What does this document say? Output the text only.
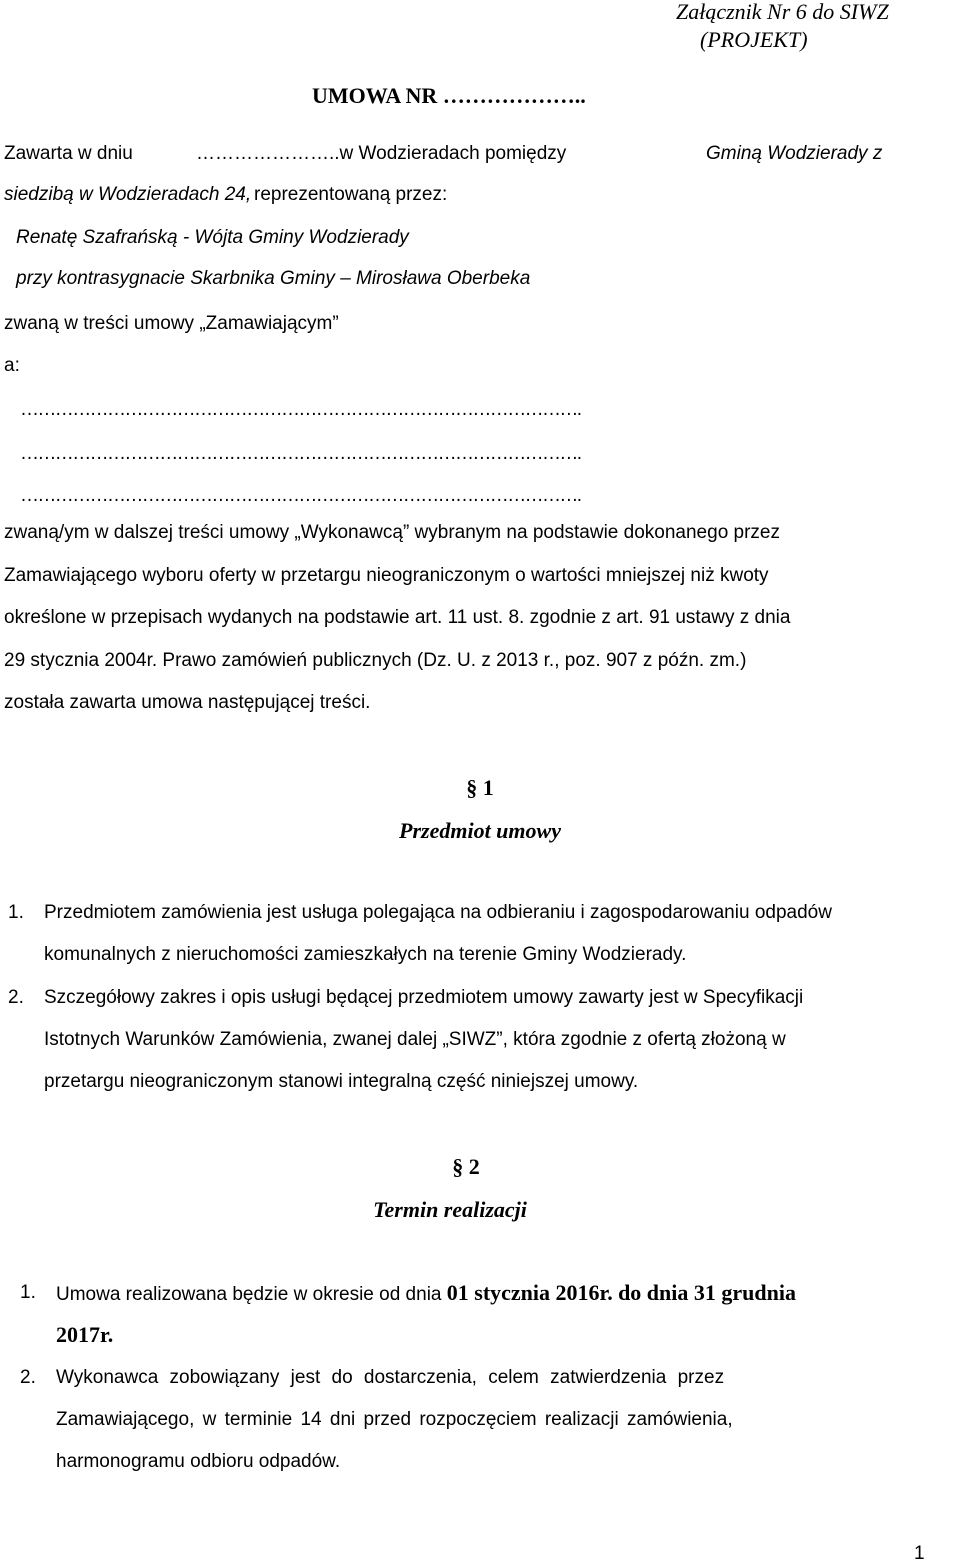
Załącznik Nr 6 do SIWZ
(PROJEKT)
UMOWA NR ………………..
Zawarta w dniu	…………………..w Wodzieradach pomiędzy	Gminą Wodzierady z
siedzibą w Wodzieradach 24, reprezentowaną przez:
Renatę Szafrańską - Wójta Gminy Wodzierady
przy kontrasygnacie Skarbnika Gminy – Mirosława Oberbeka
zwaną w treści umowy „Zamawiającym”
a:
…………………………………………………………………………………….
…………………………………………………………………………………….
…………………………………………………………………………………….
zwaną/ym w dalszej treści umowy „Wykonawcą” wybranym na podstawie dokonanego przez
Zamawiającego wyboru oferty w przetargu nieograniczonym o wartości mniejszej niż kwoty
określone w przepisach wydanych na podstawie art. 11 ust. 8. zgodnie z art. 91 ustawy z dnia
29 stycznia 2004r. Prawo zamówień publicznych (Dz. U. z 2013 r., poz. 907 z późn. zm.)
została zawarta umowa następującej treści.
§ 1
Przedmiot umowy
1. Przedmiotem zamówienia jest usługa polegająca na odbieraniu i zagospodarowaniu odpadów
komunalnych z nieruchomości zamieszkałych na terenie Gminy Wodzierady.
2. Szczegółowy zakres i opis usługi będącej przedmiotem umowy zawarty jest w Specyfikacji
Istotnych Warunków Zamówienia, zwanej dalej „SIWZ”, która zgodnie z ofertą złożoną w
przetargu nieograniczonym stanowi integralną część niniejszej umowy.
§ 2
Termin realizacji
1. Umowa realizowana będzie w okresie od dnia 01 stycznia 2016r. do dnia 31 grudnia
2017r.
2. Wykonawca zobowiązany jest do dostarczenia, celem zatwierdzenia przez
Zamawiającego, w terminie 14 dni przed rozpoczęciem realizacji zamówienia,
harmonogramu odbioru odpadów.
1
